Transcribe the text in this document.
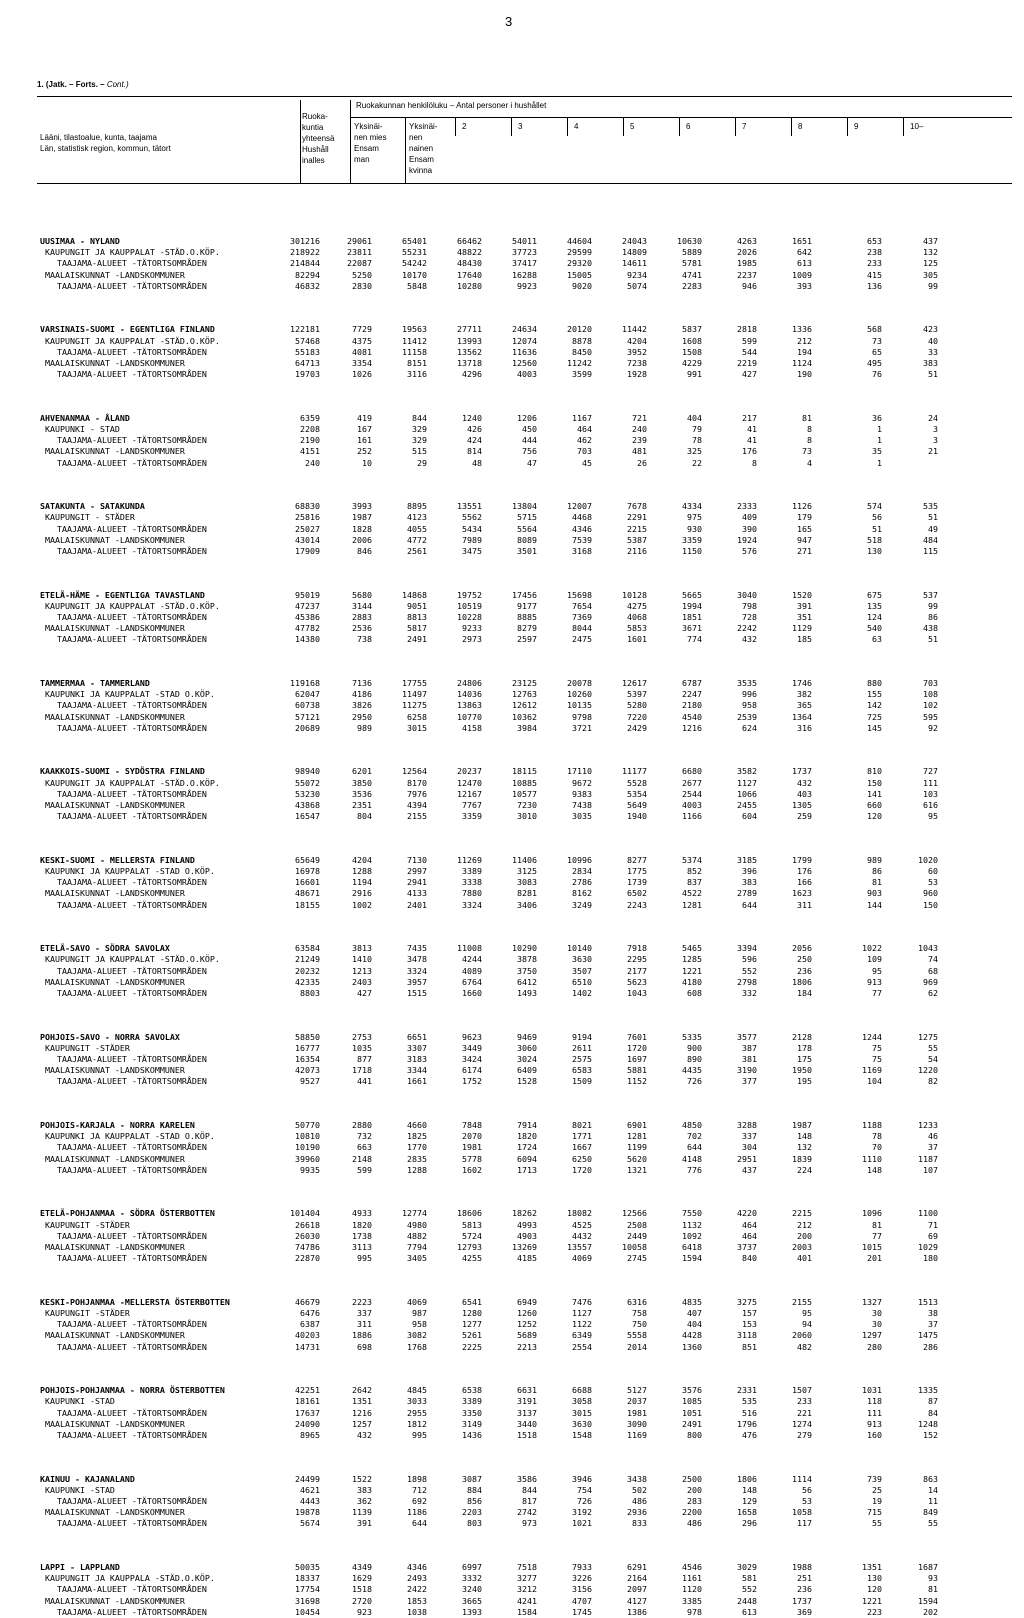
3
1. (Jatk. – Forts. – Cont.)
Lääni, tilastoalue, kunta, taajama
Län, statistisk region, kommun, tätort
Ruokakunnan henkilöluku – Antal personer i hushållet
Ruoka-
kuntia
yhteensä
Hushåll
inalles
Yksinäi-
nen mies
Ensam
man
Yksinäi-
nen
nainen
Ensam
kvinna
2	3	4	5	6	7	8	9	10–
UUSIMAA - NYLAND	301216	29061	65401	66462	54011	44604	24043	10630	4263	1651	653	437
KAUPUNGIT JA KAUPPALAT -STÄD.O.KÖP.	218922	23811	55231	48822	37723	29599	14809	5889	2026	642	238	132
TAAJAMA-ALUEET -TÄTORTSOMRÅDEN	214844	22087	54242	48430	37417	29320	14611	5781	1985	613	233	125
MAALAISKUNNAT -LANDSKOMMUNER	82294	5250	10170	17640	16288	15005	9234	4741	2237	1009	415	305
TAAJAMA-ALUEET -TÄTORTSOMRÅDEN	46832	2830	5848	10280	9923	9020	5074	2283	946	393	136	99
VARSINAIS-SUOMI - EGENTLIGA FINLAND	122181	7729	19563	27711	24634	20120	11442	5837	2818	1336	568	423
KAUPUNGIT JA KAUPPALAT -STÄD.O.KÖP.	57468	4375	11412	13993	12074	8878	4204	1608	599	212	73	40
TAAJAMA-ALUEET -TÄTORTSOMRÅDEN	55183	4081	11158	13562	11636	8450	3952	1508	544	194	65	33
MAALAISKUNNAT -LANDSKOMMUNER	64713	3354	8151	13718	12560	11242	7238	4229	2219	1124	495	383
TAAJAMA-ALUEET -TÄTORTSOMRÅDEN	19703	1026	3116	4296	4003	3599	1928	991	427	190	76	51
AHVENANMAA - ÅLAND	6359	419	844	1240	1206	1167	721	404	217	81	36	24
KAUPUNKI - STAD	2208	167	329	426	450	464	240	79	41	8	1	3
TAAJAMA-ALUEET -TÄTORTSOMRÅDEN	2190	161	329	424	444	462	239	78	41	8	1	3
MAALAISKUNNAT -LANDSKOMMUNER	4151	252	515	814	756	703	481	325	176	73	35	21
TAAJAMA-ALUEET -TÄTORTSOMRÅDEN	240	10	29	48	47	45	26	22	8	4	1
SATAKUNTA - SATAKUNDA	68830	3993	8895	13551	13804	12007	7678	4334	2333	1126	574	535
KAUPUNGIT - STÄDER	25816	1987	4123	5562	5715	4468	2291	975	409	179	56	51
TAAJAMA-ALUEET -TÄTORTSOMRÅDEN	25027	1828	4055	5434	5564	4346	2215	930	390	165	51	49
MAALAISKUNNAT -LANDSKOMMUNER	43014	2006	4772	7989	8089	7539	5387	3359	1924	947	518	484
TAAJAMA-ALUEET -TÄTORTSOMRÅDEN	17909	846	2561	3475	3501	3168	2116	1150	576	271	130	115
ETELÄ-HÄME - EGENTLIGA TAVASTLAND	95019	5680	14868	19752	17456	15698	10128	5665	3040	1520	675	537
KAUPUNGIT JA KAUPPALAT -STÄD.O.KÖP.	47237	3144	9051	10519	9177	7654	4275	1994	798	391	135	99
TAAJAMA-ALUEET -TÄTORTSOMRÅDEN	45386	2883	8813	10228	8885	7369	4068	1851	728	351	124	86
MAALAISKUNNAT -LANDSKOMMUNER	47782	2536	5817	9233	8279	8044	5853	3671	2242	1129	540	438
TAAJAMA-ALUEET -TÄTORTSOMRÅDEN	14380	738	2491	2973	2597	2475	1601	774	432	185	63	51
TAMMERMAA - TAMMERLAND	119168	7136	17755	24806	23125	20078	12617	6787	3535	1746	880	703
KAUPUNKI JA KAUPPALAT -STAD O.KÖP.	62047	4186	11497	14036	12763	10260	5397	2247	996	382	155	108
TAAJAMA-ALUEET -TÄTORTSOMRÅDEN	60738	3826	11275	13863	12612	10135	5280	2180	958	365	142	102
MAALAISKUNNAT -LANDSKOMMUNER	57121	2950	6258	10770	10362	9798	7220	4540	2539	1364	725	595
TAAJAMA-ALUEET -TÄTORTSOMRÅDEN	20689	989	3015	4158	3984	3721	2429	1216	624	316	145	92
KAAKKOIS-SUOMI - SYDÖSTRA FINLAND	98940	6201	12564	20237	18115	17110	11177	6680	3582	1737	810	727
KAUPUNGIT JA KAUPPALAT -STÄD.O.KÖP.	55072	3850	8170	12470	10885	9672	5528	2677	1127	432	150	111
TAAJAMA-ALUEET -TÄTORTSOMRÅDEN	53230	3536	7976	12167	10577	9383	5354	2544	1066	403	141	103
MAALAISKUNNAT -LANDSKOMMUNER	43868	2351	4394	7767	7230	7438	5649	4003	2455	1305	660	616
TAAJAMA-ALUEET -TÄTORTSOMRÅDEN	16547	804	2155	3359	3010	3035	1940	1166	604	259	120	95
KESKI-SUOMI - MELLERSTA FINLAND	65649	4204	7130	11269	11406	10996	8277	5374	3185	1799	989	1020
KAUPUNKI JA KAUPPALAT -STAD O.KÖP.	16978	1288	2997	3389	3125	2834	1775	852	396	176	86	60
TAAJAMA-ALUEET -TÄTORTSOMRÅDEN	16601	1194	2941	3338	3083	2786	1739	837	383	166	81	53
MAALAISKUNNAT -LANDSKOMMUNER	48671	2916	4133	7880	8281	8162	6502	4522	2789	1623	903	960
TAAJAMA-ALUEET -TÄTORTSOMRÅDEN	18155	1002	2401	3324	3406	3249	2243	1281	644	311	144	150
ETELÄ-SAVO - SÖDRA SAVOLAX	63584	3813	7435	11008	10290	10140	7918	5465	3394	2056	1022	1043
KAUPUNGIT JA KAUPPALAT -STÄD.O.KÖP.	21249	1410	3478	4244	3878	3630	2295	1285	596	250	109	74
TAAJAMA-ALUEET -TÄTORTSOMRÅDEN	20232	1213	3324	4089	3750	3507	2177	1221	552	236	95	68
MAALAISKUNNAT -LANDSKOMMUNER	42335	2403	3957	6764	6412	6510	5623	4180	2798	1806	913	969
TAAJAMA-ALUEET -TÄTORTSOMRÅDEN	8803	427	1515	1660	1493	1402	1043	608	332	184	77	62
POHJOIS-SAVO - NORRA SAVOLAX	58850	2753	6651	9623	9469	9194	7601	5335	3577	2128	1244	1275
KAUPUNGIT -STÄDER	16777	1035	3307	3449	3060	2611	1720	900	387	178	75	55
TAAJAMA-ALUEET -TÄTORTSOMRÅDEN	16354	877	3183	3424	3024	2575	1697	890	381	175	75	54
MAALAISKUNNAT -LANDSKOMMUNER	42073	1718	3344	6174	6409	6583	5881	4435	3190	1950	1169	1220
TAAJAMA-ALUEET -TÄTORTSOMRÅDEN	9527	441	1661	1752	1528	1509	1152	726	377	195	104	82
POHJOIS-KARJALA - NORRA KARELEN	50770	2880	4660	7848	7914	8021	6901	4850	3288	1987	1188	1233
KAUPUNKI JA KAUPPALAT -STAD O.KÖP.	10810	732	1825	2070	1820	1771	1281	702	337	148	78	46
TAAJAMA-ALUEET -TÄTORTSOMRÅDEN	10190	663	1770	1981	1724	1667	1199	644	304	132	70	37
MAALAISKUNNAT -LANDSKOMMUNER	39960	2148	2835	5778	6094	6250	5620	4148	2951	1839	1110	1187
TAAJAMA-ALUEET -TÄTORTSOMRÅDEN	9935	599	1288	1602	1713	1720	1321	776	437	224	148	107
ETELÄ-POHJANMAA - SÖDRA ÖSTERBOTTEN	101404	4933	12774	18606	18262	18082	12566	7550	4220	2215	1096	1100
KAUPUNGIT -STÄDER	26618	1820	4980	5813	4993	4525	2508	1132	464	212	81	71
TAAJAMA-ALUEET -TÄTORTSOMRÅDEN	26030	1738	4882	5724	4903	4432	2449	1092	464	200	77	69
MAALAISKUNNAT -LANDSKOMMUNER	74786	3113	7794	12793	13269	13557	10058	6418	3737	2003	1015	1029
TAAJAMA-ALUEET -TÄTORTSOMRÅDEN	22870	995	3405	4255	4185	4069	2745	1594	840	401	201	180
KESKI-POHJANMAA -MELLERSTA ÖSTERBOTTEN	46679	2223	4069	6541	6949	7476	6316	4835	3275	2155	1327	1513
KAUPUNGIT -STÄDER	6476	337	987	1280	1260	1127	758	407	157	95	30	38
TAAJAMA-ALUEET -TÄTORTSOMRÅDEN	6387	311	958	1277	1252	1122	750	404	153	94	30	37
MAALAISKUNNAT -LANDSKOMMUNER	40203	1886	3082	5261	5689	6349	5558	4428	3118	2060	1297	1475
TAAJAMA-ALUEET -TÄTORTSOMRÅDEN	14731	698	1768	2225	2213	2554	2014	1360	851	482	280	286
POHJOIS-POHJANMAA - NORRA ÖSTERBOTTEN	42251	2642	4845	6538	6631	6688	5127	3576	2331	1507	1031	1335
KAUPUNKI -STAD	18161	1351	3033	3389	3191	3058	2037	1085	535	233	118	87
TAAJAMA-ALUEET -TÄTORTSOMRÅDEN	17637	1216	2955	3350	3137	3015	1981	1051	516	221	111	84
MAALAISKUNNAT -LANDSKOMMUNER	24090	1257	1812	3149	3440	3630	3090	2491	1796	1274	913	1248
TAAJAMA-ALUEET -TÄTORTSOMRÅDEN	8965	432	995	1436	1518	1548	1169	800	476	279	160	152
KAINUU - KAJANALAND	24499	1522	1898	3087	3586	3946	3438	2500	1806	1114	739	863
KAUPUNKI -STAD	4621	383	712	884	844	754	502	200	148	56	25	14
TAAJAMA-ALUEET -TÄTORTSOMRÅDEN	4443	362	692	856	817	726	486	283	129	53	19	11
MAALAISKUNNAT -LANDSKOMMUNER	19878	1139	1186	2203	2742	3192	2936	2200	1658	1058	715	849
TAAJAMA-ALUEET -TÄTORTSOMRÅDEN	5674	391	644	803	973	1021	833	486	296	117	55	55
LAPPI - LAPPLAND	50035	4349	4346	6997	7518	7933	6291	4546	3029	1988	1351	1687
KAUPUNGIT JA KAUPPALA -STÄD.O.KÖP.	18337	1629	2493	3332	3277	3226	2164	1161	581	251	130	93
TAAJAMA-ALUEET -TÄTORTSOMRÅDEN	17754	1518	2422	3240	3212	3156	2097	1120	552	236	120	81
MAALAISKUNNAT -LANDSKOMMUNER	31698	2720	1853	3665	4241	4707	4127	3385	2448	1737	1221	1594
TAAJAMA-ALUEET -TÄTORTSOMRÅDEN	10454	923	1038	1393	1584	1745	1386	978	613	369	223	202
